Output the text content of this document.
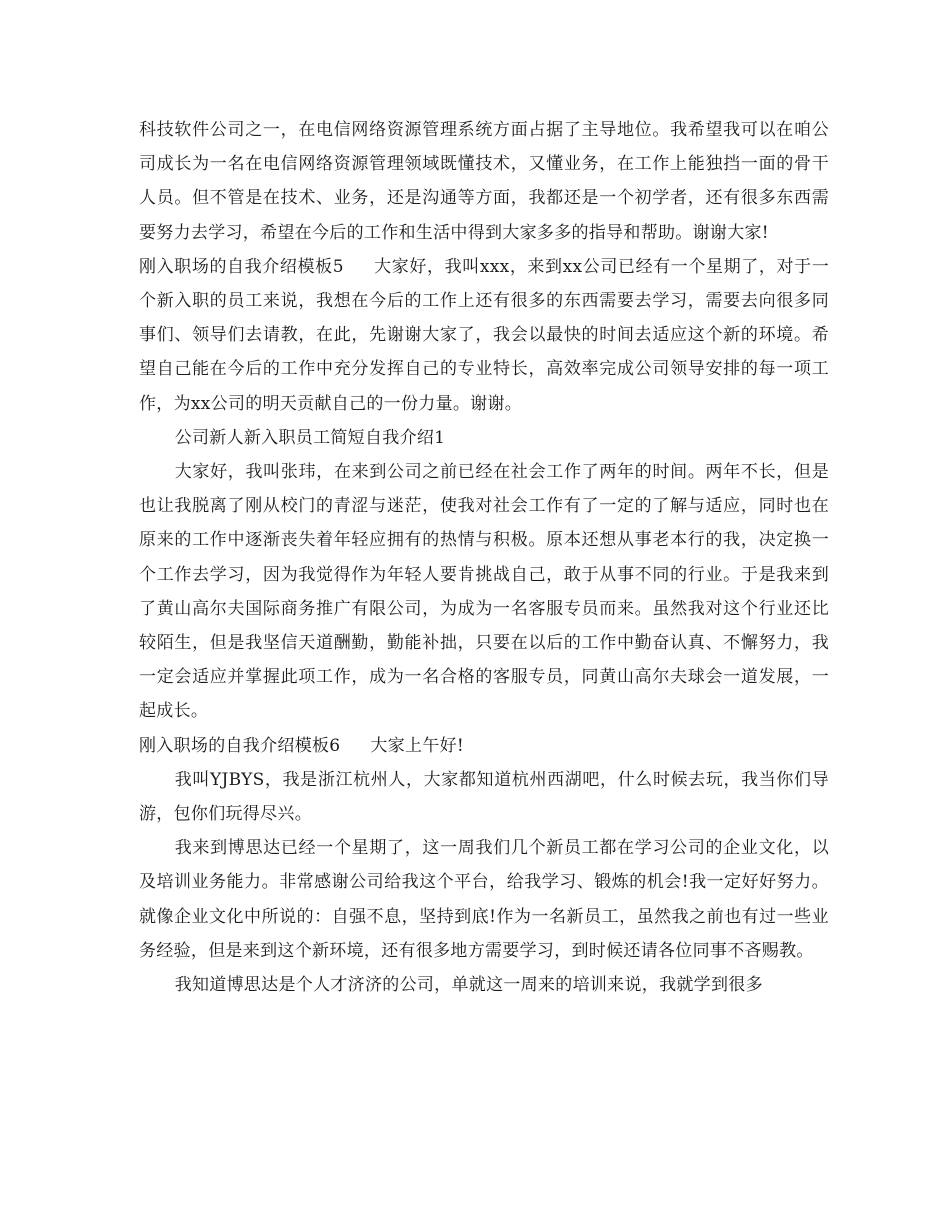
科技软件公司之一，在电信网络资源管理系统方面占据了主导地位。我希望我可以在咱公司成长为一名在电信网络资源管理领域既懂技术，又懂业务，在工作上能独挡一面的骨干人员。但不管是在技术、业务，还是沟通等方面，我都还是一个初学者，还有很多东西需要努力去学习，希望在今后的工作和生活中得到大家多多的指导和帮助。谢谢大家!

刚入职场的自我介绍模板5 大家好，我叫xxx，来到xx公司已经有一个星期了，对于一个新入职的员工来说，我想在今后的工作上还有很多的东西需要去学习，需要去向很多同事们、领导们去请教，在此，先谢谢大家了，我会以最快的时间去适应这个新的环境。希望自己能在今后的工作中充分发挥自己的专业特长，高效率完成公司领导安排的每一项工作，为xx公司的明天贡献自己的一份力量。谢谢。

公司新人新入职员工简短自我介绍1

大家好，我叫张玮，在来到公司之前已经在社会工作了两年的时间。两年不长，但是也让我脱离了刚从校门的青涩与迷茫，使我对社会工作有了一定的了解与适应，同时也在原来的工作中逐渐丧失着年轻应拥有的热情与积极。原本还想从事老本行的我，决定换一个工作去学习，因为我觉得作为年轻人要肯挑战自己，敢于从事不同的行业。于是我来到了黄山高尔夫国际商务推广有限公司，为成为一名客服专员而来。虽然我对这个行业还比较陌生，但是我坚信天道酬勤，勤能补拙，只要在以后的工作中勤奋认真、不懈努力，我一定会适应并掌握此项工作，成为一名合格的客服专员，同黄山高尔夫球会一道发展，一起成长。

刚入职场的自我介绍模板6 大家上午好!

我叫YJBYS，我是浙江杭州人，大家都知道杭州西湖吧，什么时候去玩，我当你们导游，包你们玩得尽兴。

我来到博思达已经一个星期了，这一周我们几个新员工都在学习公司的企业文化，以及培训业务能力。非常感谢公司给我这个平台，给我学习、锻炼的机会!我一定好好努力。就像企业文化中所说的：自强不息，坚持到底!作为一名新员工，虽然我之前也有过一些业务经验，但是来到这个新环境，还有很多地方需要学习，到时候还请各位同事不吝赐教。

我知道博思达是个人才济济的公司，单就这一周来的培训来说，我就学到很多
